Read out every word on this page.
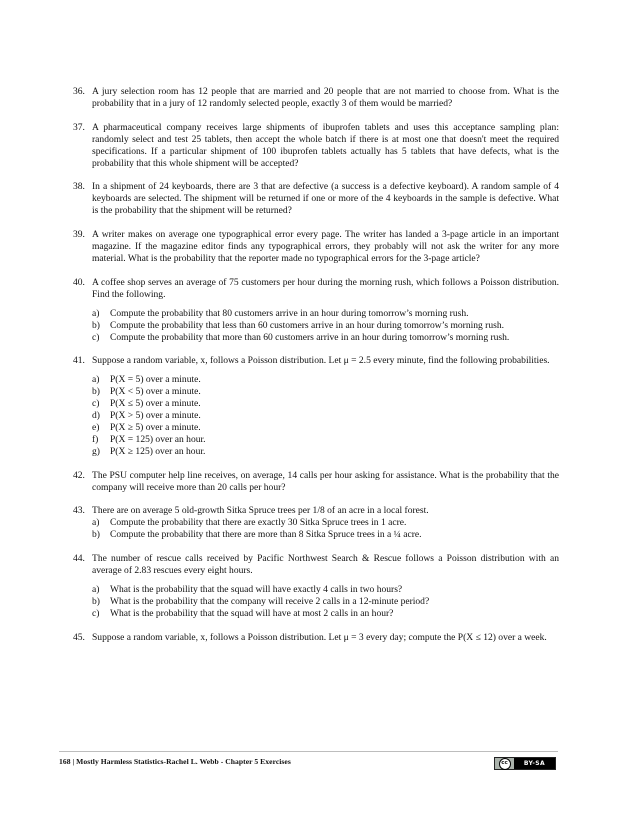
36. A jury selection room has 12 people that are married and 20 people that are not married to choose from. What is the probability that in a jury of 12 randomly selected people, exactly 3 of them would be married?
37. A pharmaceutical company receives large shipments of ibuprofen tablets and uses this acceptance sampling plan: randomly select and test 25 tablets, then accept the whole batch if there is at most one that doesn't meet the required specifications. If a particular shipment of 100 ibuprofen tablets actually has 5 tablets that have defects, what is the probability that this whole shipment will be accepted?
38. In a shipment of 24 keyboards, there are 3 that are defective (a success is a defective keyboard). A random sample of 4 keyboards are selected. The shipment will be returned if one or more of the 4 keyboards in the sample is defective. What is the probability that the shipment will be returned?
39. A writer makes on average one typographical error every page. The writer has landed a 3-page article in an important magazine. If the magazine editor finds any typographical errors, they probably will not ask the writer for any more material. What is the probability that the reporter made no typographical errors for the 3-page article?
40. A coffee shop serves an average of 75 customers per hour during the morning rush, which follows a Poisson distribution. Find the following.
a) Compute the probability that 80 customers arrive in an hour during tomorrow’s morning rush.
b) Compute the probability that less than 60 customers arrive in an hour during tomorrow’s morning rush.
c) Compute the probability that more than 60 customers arrive in an hour during tomorrow’s morning rush.
41. Suppose a random variable, x, follows a Poisson distribution. Let μ = 2.5 every minute, find the following probabilities.
a) P(X = 5) over a minute.
b) P(X < 5) over a minute.
c) P(X ≤ 5) over a minute.
d) P(X > 5) over a minute.
e) P(X ≥ 5) over a minute.
f) P(X = 125) over an hour.
g) P(X ≥ 125) over an hour.
42. The PSU computer help line receives, on average, 14 calls per hour asking for assistance. What is the probability that the company will receive more than 20 calls per hour?
43. There are on average 5 old-growth Sitka Spruce trees per 1/8 of an acre in a local forest.
a) Compute the probability that there are exactly 30 Sitka Spruce trees in 1 acre.
b) Compute the probability that there are more than 8 Sitka Spruce trees in a ¼ acre.
44. The number of rescue calls received by Pacific Northwest Search & Rescue follows a Poisson distribution with an average of 2.83 rescues every eight hours.
a) What is the probability that the squad will have exactly 4 calls in two hours?
b) What is the probability that the company will receive 2 calls in a 12-minute period?
c) What is the probability that the squad will have at most 2 calls in an hour?
45. Suppose a random variable, x, follows a Poisson distribution. Let μ = 3 every day; compute the P(X ≤ 12) over a week.
168 | Mostly Harmless Statistics-Rachel L. Webb - Chapter 5 Exercises	cc	BY-SA
